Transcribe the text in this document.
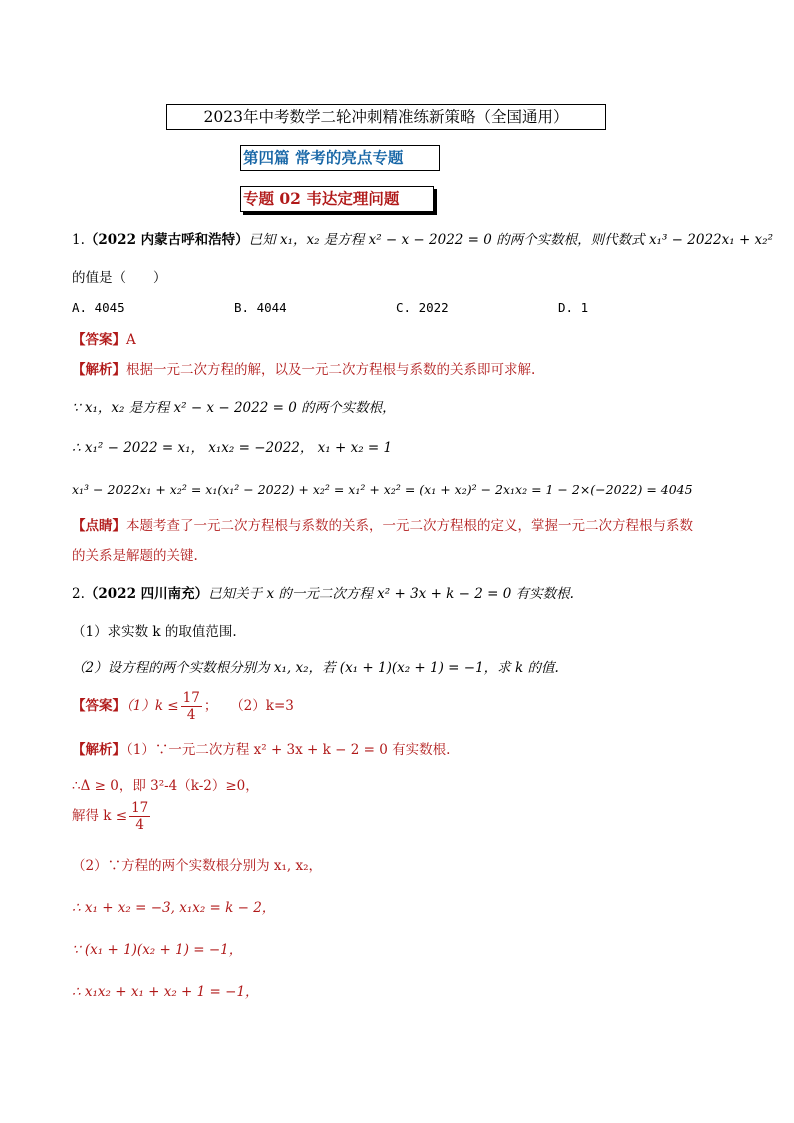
2023年中考数学二轮冲刺精准练新策略（全国通用）
第四篇 常考的亮点专题
专题 02 韦达定理问题
1.（2022 内蒙古呼和浩特）已知 x₁，x₂ 是方程 x² − x − 2022 = 0 的两个实数根，则代数式 x₁³ − 2022x₁ + x₂²
的值是（　　）
A. 4045	B. 4044	C. 2022	D. 1
【答案】A
【解析】根据一元二次方程的解，以及一元二次方程根与系数的关系即可求解.
∵ x₁，x₂ 是方程 x² − x − 2022 = 0 的两个实数根，
∴ x₁² − 2022 = x₁， x₁x₂ = −2022， x₁ + x₂ = 1
x₁³ − 2022x₁ + x₂² = x₁(x₁² − 2022) + x₂² = x₁² + x₂² = (x₁ + x₂)² − 2x₁x₂ = 1 − 2×(−2022) = 4045
【点睛】本题考查了一元二次方程根与系数的关系，一元二次方程根的定义，掌握一元二次方程根与系数
的关系是解题的关键.
2.（2022 四川南充）已知关于 x 的一元二次方程 x² + 3x + k − 2 = 0 有实数根.
（1）求实数 k 的取值范围.
（2）设方程的两个实数根分别为 x₁, x₂，若 (x₁ + 1)(x₂ + 1) = −1，求 k 的值.
【答案】$(1)k \le \frac{17}{4}$ ； （2）k=3
【解析】（1）∵一元二次方程 x² + 3x + k − 2 = 0 有实数根.
∴Δ ≥ 0，即 3²-4（k-2）≥0，
解得 $k \le \frac{17}{4}$
（2）∵方程的两个实数根分别为 x₁, x₂，
∴ x₁ + x₂ = −3, x₁x₂ = k − 2，
∵ (x₁ + 1)(x₂ + 1) = −1，
∴ x₁x₂ + x₁ + x₂ + 1 = −1，
